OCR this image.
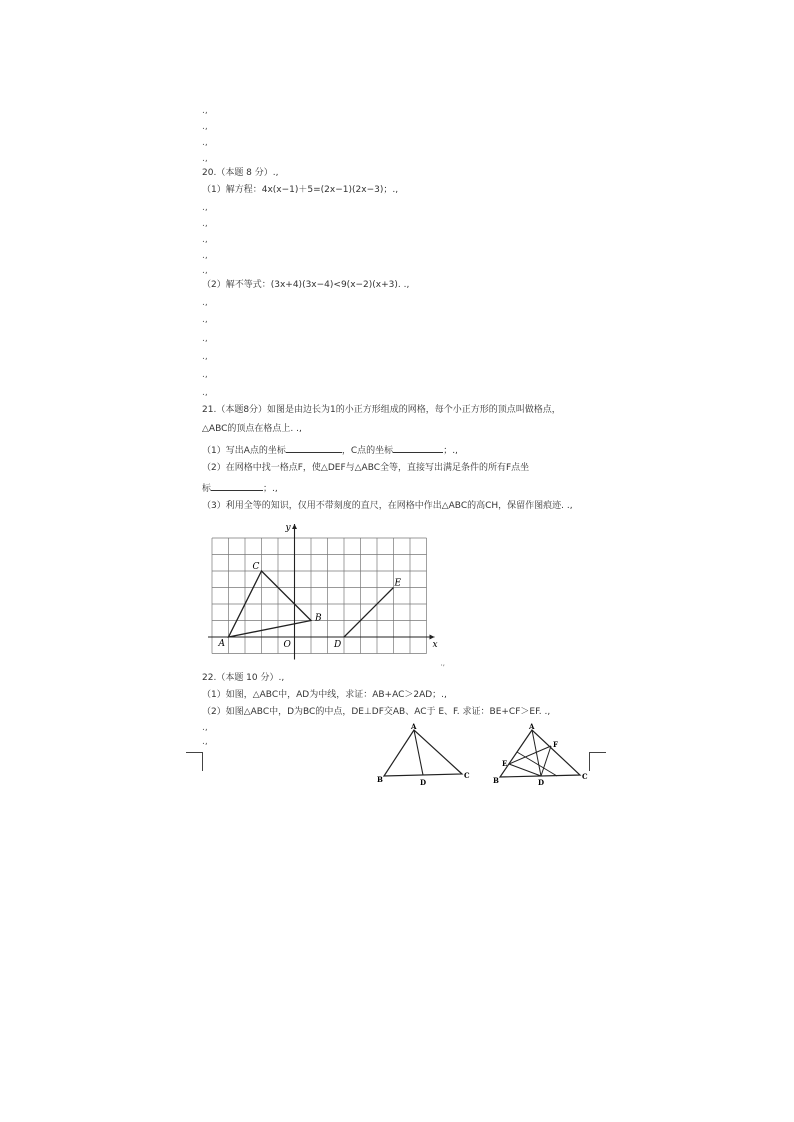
.,
.,
.,
.,
20.（本题 8 分）.,
（1）解方程：4x(x−1)＋5=(2x−1)(2x−3)；.,
.,
.,
.,
.,
.,
（2）解不等式：(3x+4)(3x−4)<9(x−2)(x+3). .,
.,
.,
.,
.,
.,
.,
21.（本题8分）如图是由边长为1的小正方形组成的网格，每个小正方形的顶点叫做格点，
△ABC的顶点在格点上. .,
（1）写出A点的坐标	，C点的坐标	；.,
（2）在网格中找一格点F，使△DEF与△ABC全等，直接写出满足条件的所有F点坐
标	；.,
（3）利用全等的知识，仅用不带刻度的直尺，在网格中作出△ABC的高CH，保留作图痕迹. .,
A
B
C
D
E
O	x
y
.,
22.（本题 10 分）.,
（1）如图，△ABC中，AD为中线，求证：AB+AC＞2AD；.,
（2）如图△ABC中，D为BC的中点，DE⊥DF交AB、AC于 E、F. 求证：BE+CF＞EF. .,
.,
.,
A
B	C
D
A
B	C
D
E
F
